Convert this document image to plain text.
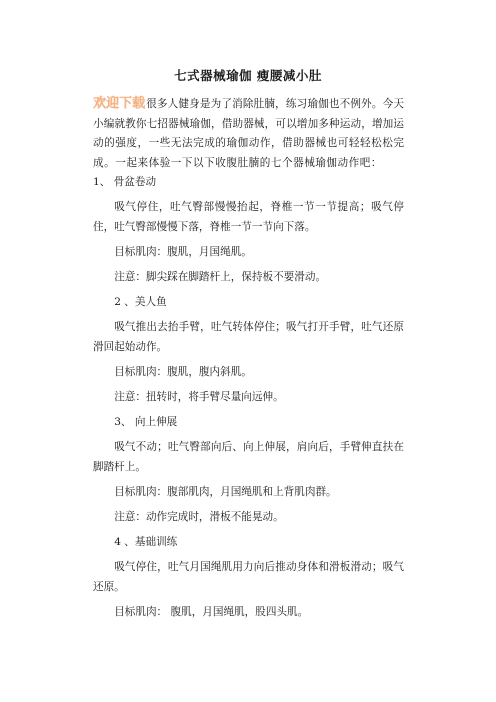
七式器械瑜伽 瘦腰减小肚

欢迎下载很多人健身是为了消除肚腩，练习瑜伽也不例外。今天小编就教你七招器械瑜伽，借助器械，可以增加多种运动，增加运动的强度，一些无法完成的瑜伽动作，借助器械也可轻轻松松完成。一起来体验一下以下收腹肚腩的七个器械瑜伽动作吧：1、 骨盆卷动

吸气停住，吐气臀部慢慢抬起，脊椎一节一节提高；吸气停住，吐气臀部慢慢下落，脊椎一节一节向下落。

目标肌肉：腹肌，月国绳肌。

注意：脚尖踩在脚踏杆上，保持板不要滑动。

2 、美人鱼

吸气推出去抬手臂，吐气转体停住；吸气打开手臂，吐气还原滑回起始动作。

目标肌肉：腹肌，腹内斜肌。

注意：扭转时，将手臂尽量向远伸。

3、 向上伸展

吸气不动；吐气臀部向后、向上伸展，肩向后，手臂伸直扶在脚踏杆上。

目标肌肉：腹部肌肉，月国绳肌和上背肌肉群。

注意：动作完成时，滑板不能晃动。

4 、基础训练

吸气停住，吐气月国绳肌用力向后推动身体和滑板滑动；吸气还原。

目标肌肉： 腹肌，月国绳肌，股四头肌。
